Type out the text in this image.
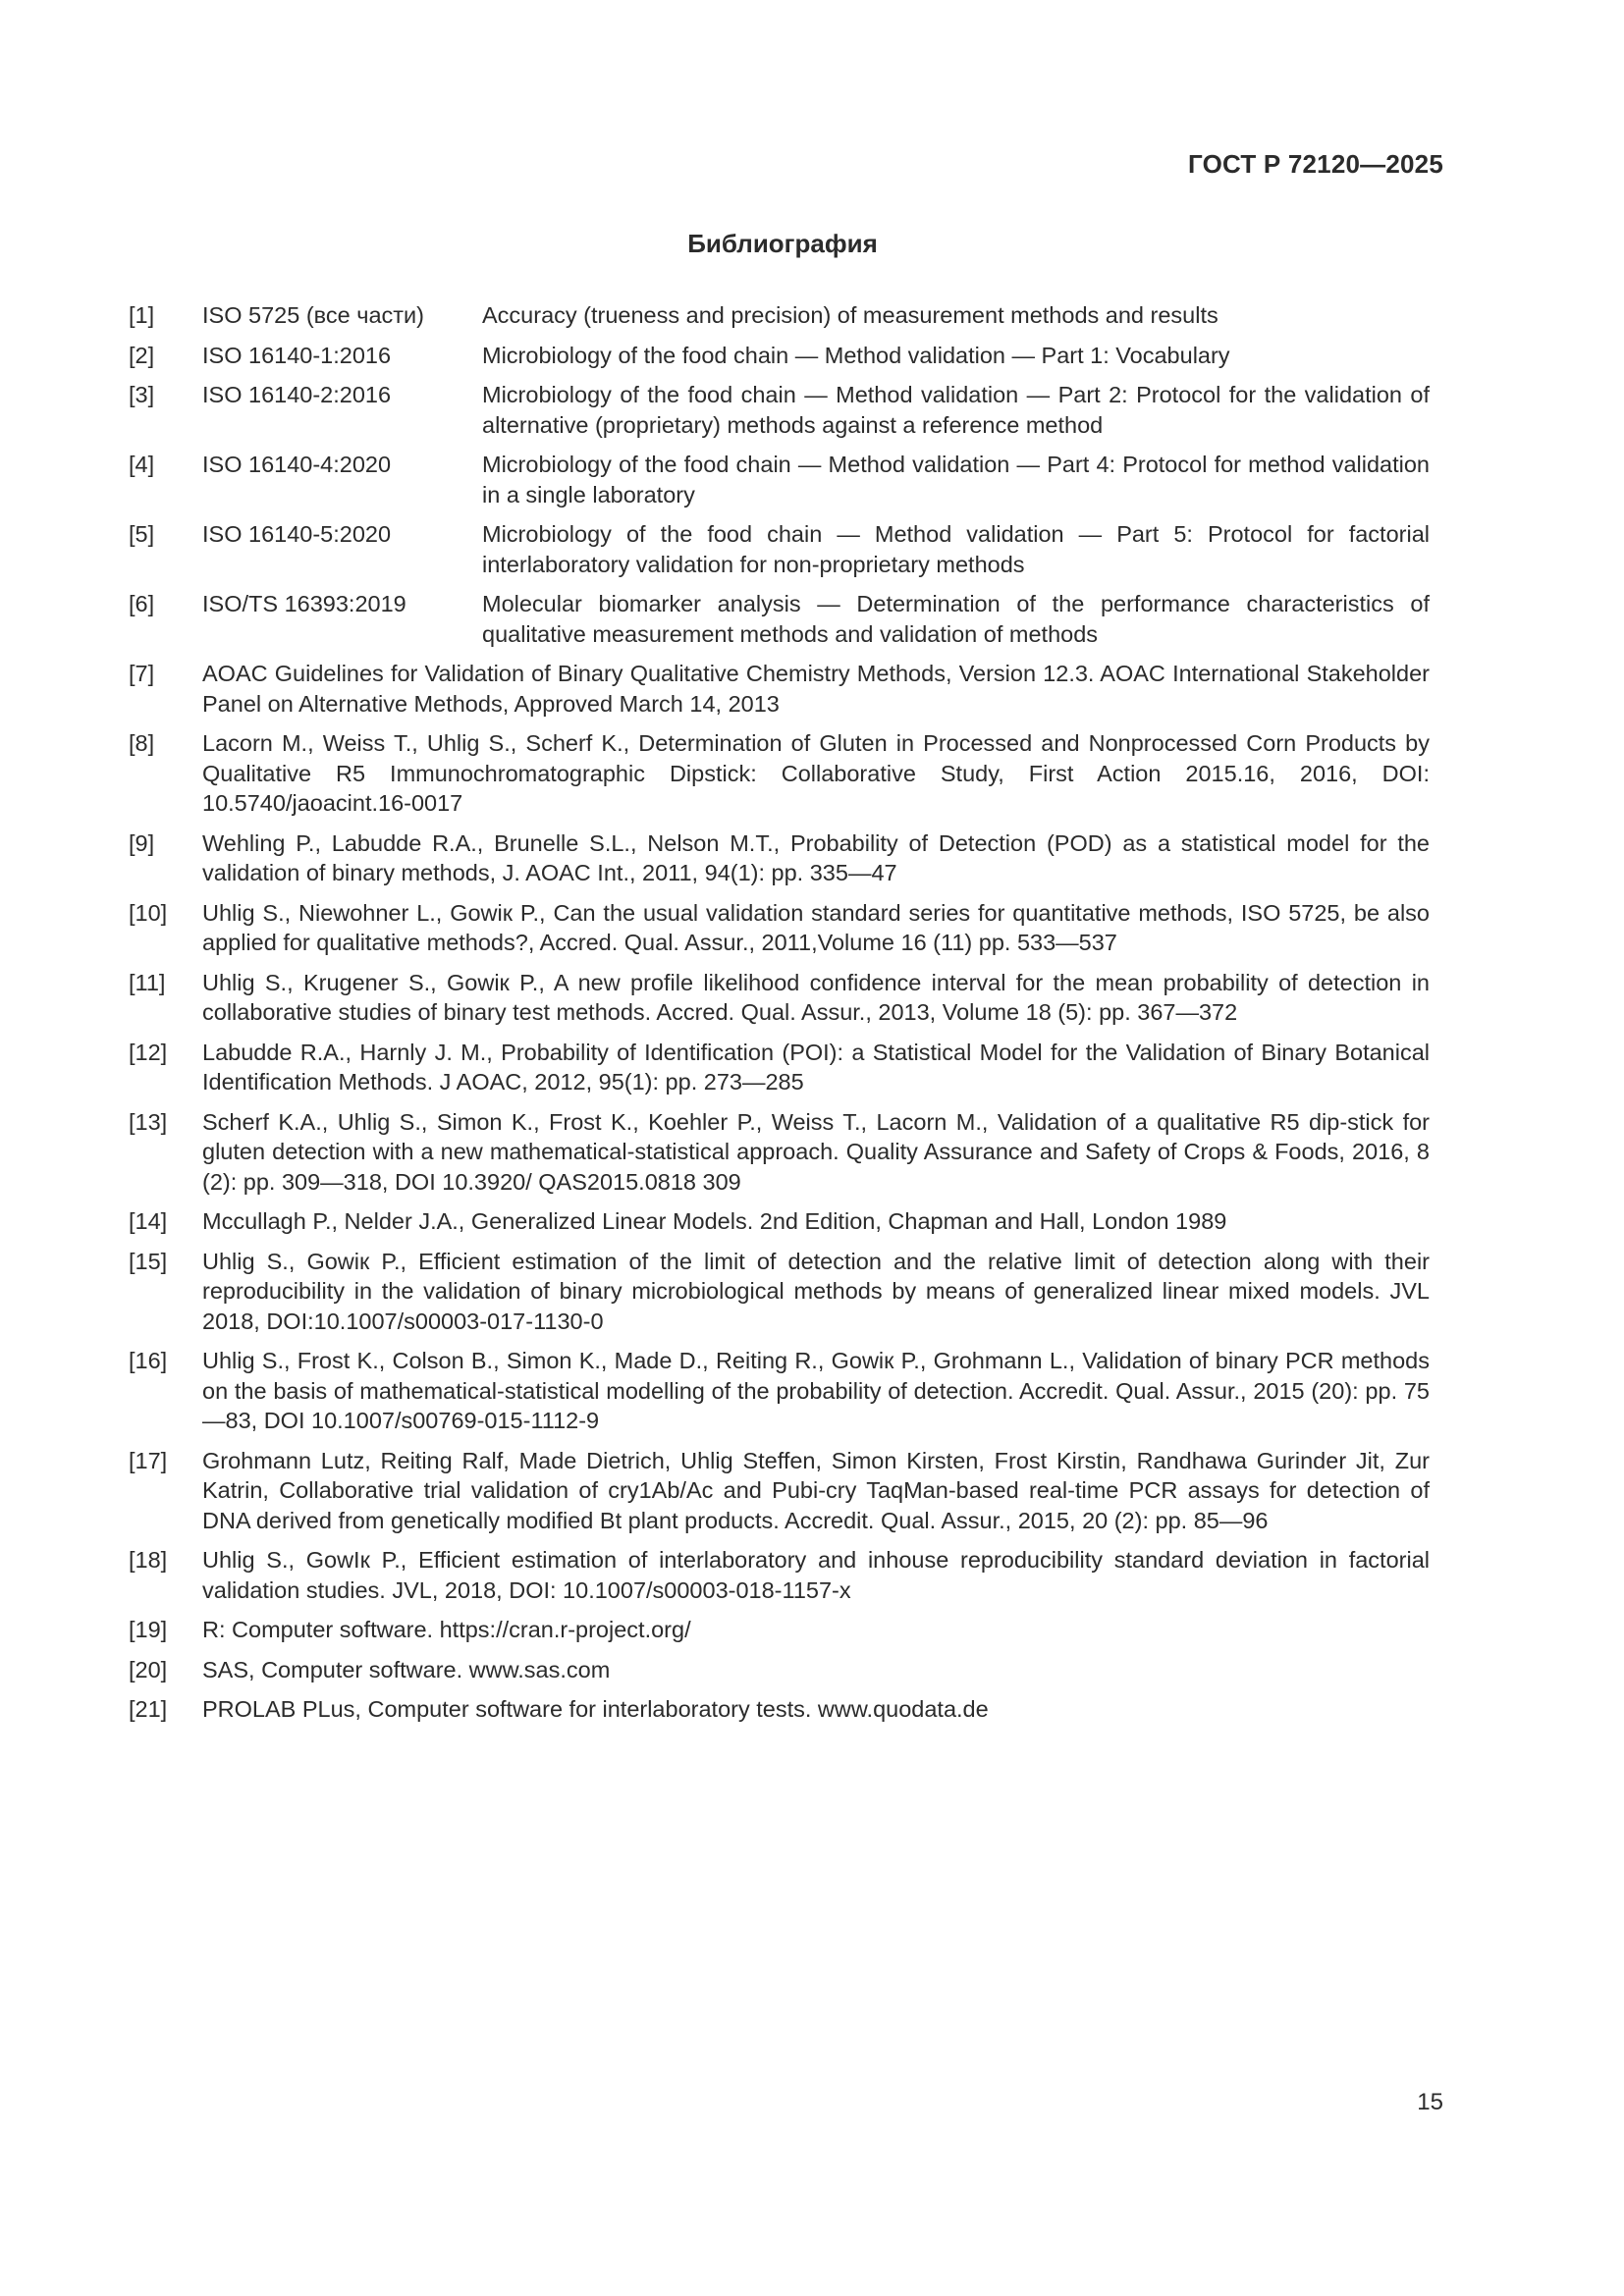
ГОСТ Р 72120—2025
Библиография
[1]	ISO 5725 (все части)	Accuracy (trueness and precision) of measurement methods and results
[2]	ISO 16140-1:2016	Microbiology of the food chain — Method validation — Part 1: Vocabulary
[3]	ISO 16140-2:2016	Microbiology of the food chain — Method validation — Part 2: Protocol for the validation of alternative (proprietary) methods against a reference method
[4]	ISO 16140-4:2020	Microbiology of the food chain — Method validation — Part 4: Protocol for method validation in a single laboratory
[5]	ISO 16140-5:2020	Microbiology of the food chain — Method validation — Part 5: Protocol for factorial interlaboratory validation for non-proprietary methods
[6]	ISO/TS 16393:2019	Molecular biomarker analysis — Determination of the performance characteristics of qualitative measurement methods and validation of methods
[7]	AOAC Guidelines for Validation of Binary Qualitative Chemistry Methods, Version 12.3. AOAC International Stakeholder Panel on Alternative Methods, Approved March 14, 2013
[8]	Lacorn M., Weiss T., Uhlig S., Scherf K., Determination of Gluten in Processed and Nonprocessed Corn Products by Qualitative R5 Immunochromatographic Dipstick: Collaborative Study, First Action 2015.16, 2016, DOI: 10.5740/jaoacint.16-0017
[9]	Wehling P., Labudde R.A., Brunelle S.L., Nelson M.T., Probability of Detection (POD) as a statistical model for the validation of binary methods, J. AOAC Int., 2011, 94(1): pp. 335—47
[10]	Uhlig S., Niewohner L., Gowiк P., Can the usual validation standard series for quantitative methods, ISO 5725, be also applied for qualitative methods?, Accred. Qual. Assur., 2011,Volume 16 (11) pp. 533—537
[11]	Uhlig S., Krugener S., Gowiк P., A new profile likelihood confidence interval for the mean probability of detection in collaborative studies of binary test methods. Accred. Qual. Assur., 2013, Volume 18 (5): pp. 367—372
[12]	Labudde R.A., Harnly J. M., Probability of Identification (POI): a Statistical Model for the Validation of Binary Botanical Identification Methods. J AOAC, 2012, 95(1): pp. 273—285
[13]	Scherf K.A., Uhlig S., Simon K., Frost K., Koehler P., Weiss T., Lacorn M., Validation of a qualitative R5 dip-stick for gluten detection with a new mathematical-statistical approach. Quality Assurance and Safety of Crops & Foods, 2016, 8 (2): pp. 309—318, DOI 10.3920/ QAS2015.0818 309
[14]	Mccullagh P., Nelder J.A., Generalized Linear Models. 2nd Edition, Chapman and Hall, London 1989
[15]	Uhlig S., Gowiк P., Efficient estimation of the limit of detection and the relative limit of detection along with their reproducibility in the validation of binary microbiological methods by means of generalized linear mixed models. JVL 2018, DOI:10.1007/s00003-017-1130-0
[16]	Uhlig S., Frost K., Colson B., Simon K., Made D., Reiting R., Gowiк P., Grohmann L., Validation of binary PCR methods on the basis of mathematical-statistical modelling of the probability of detection. Accredit. Qual. Assur., 2015 (20): pp. 75—83, DOI 10.1007/s00769-015-1112-9
[17]	Grohmann Lutz, Reiting Ralf, Made Dietrich, Uhlig Steffen, Simon Kirsten, Frost Kirstin, Randhawa Gurinder Jit, Zur Katrin, Collaborative trial validation of cry1Ab/Ac and Pubi-cry TaqMan-based real-time PCR assays for detection of DNA derived from genetically modified Bt plant products. Accredit. Qual. Assur., 2015, 20 (2): pp. 85—96
[18]	Uhlig S., GowIк P., Efficient estimation of interlaboratory and inhouse reproducibility standard deviation in factorial validation studies. JVL, 2018, DOI: 10.1007/s00003-018-1157-x
[19]	R: Computer software. https://cran.r-project.org/
[20]	SAS, Computer software. www.sas.com
[21]	PROLAB PLus, Computer software for interlaboratory tests. www.quodata.de
15
